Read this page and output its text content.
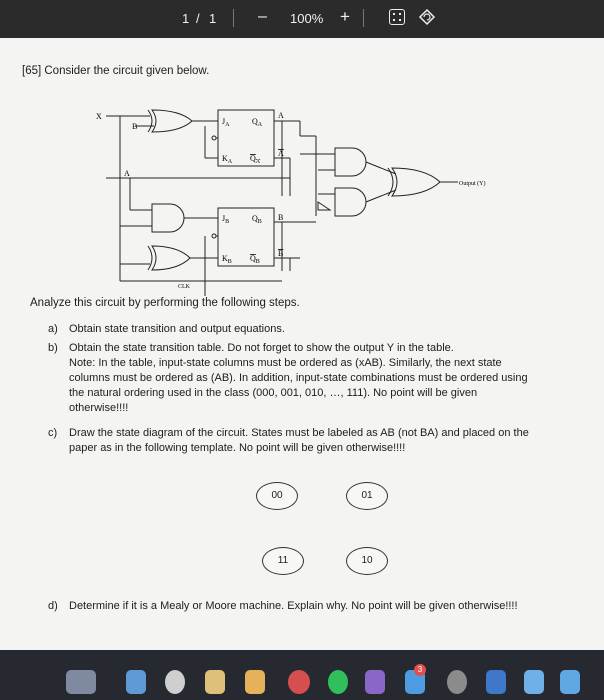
1 / 1	– 100% +
[65] Consider the circuit given below.
X
B
A
$J_A$
$K_A$
$Q_A$
$Q_A$
A
A
$J_B$
$K_B$
$Q_B$
$Q_B$
B
B
Output (Y)
CLK
Analyze this circuit by performing the following steps.
a) Obtain state transition and output equations.
b) Obtain the state transition table. Do not forget to show the output Y in the table.
Note: In the table, input-state columns must be ordered as (xAB). Similarly, the next state
columns must be ordered as (AB). In addition, input-state combinations must be ordered using
the natural ordering used in the class (000, 001, 010, …, 111). No point will be given
otherwise!!!!
c) Draw the state diagram of the circuit. States must be labeled as AB (not BA) and placed on the
paper as in the following template. No point will be given otherwise!!!!
00	01
11	10
d) Determine if it is a Mealy or Moore machine. Explain why. No point will be given otherwise!!!!
3
